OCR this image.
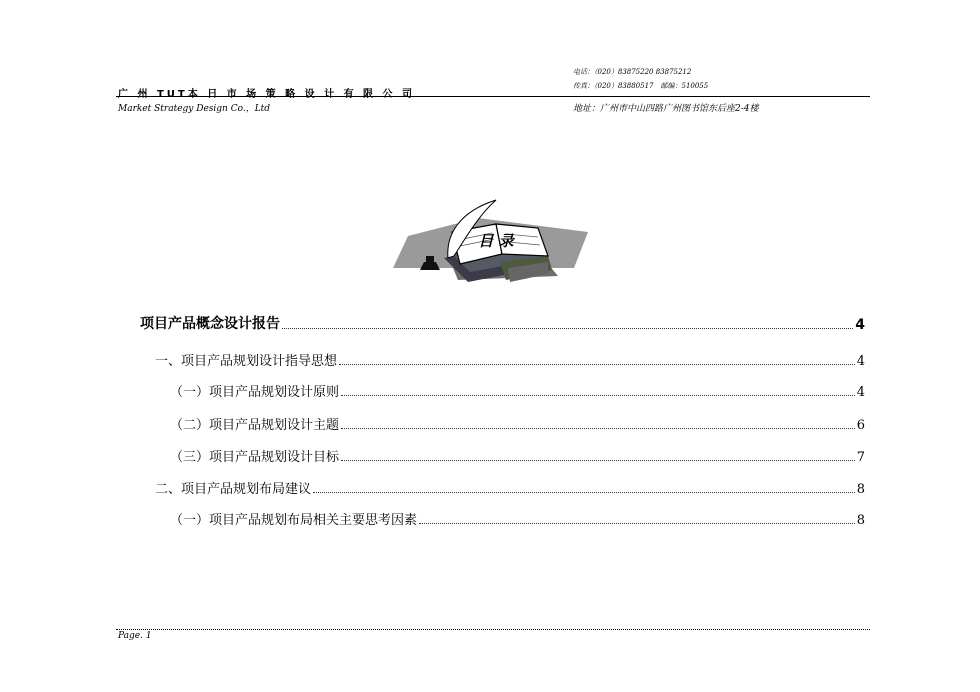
电话：（020）83875220 83875212
传真：（020）83880517　邮编：510055
广 州 TUT本 日 市 场 策 略 设 计 有 限 公 司
Market Strategy Design Co.，Ltd	地址：广州市中山四路广州图书馆东后座2-4楼
目 录
项目产品概念设计报告	4
一、项目产品规划设计指导思想	4
（一）项目产品规划设计原则	4
（二）项目产品规划设计主题	6
（三）项目产品规划设计目标	7
二、项目产品规划布局建议	8
（一）项目产品规划布局相关主要思考因素	8
Page. 1
